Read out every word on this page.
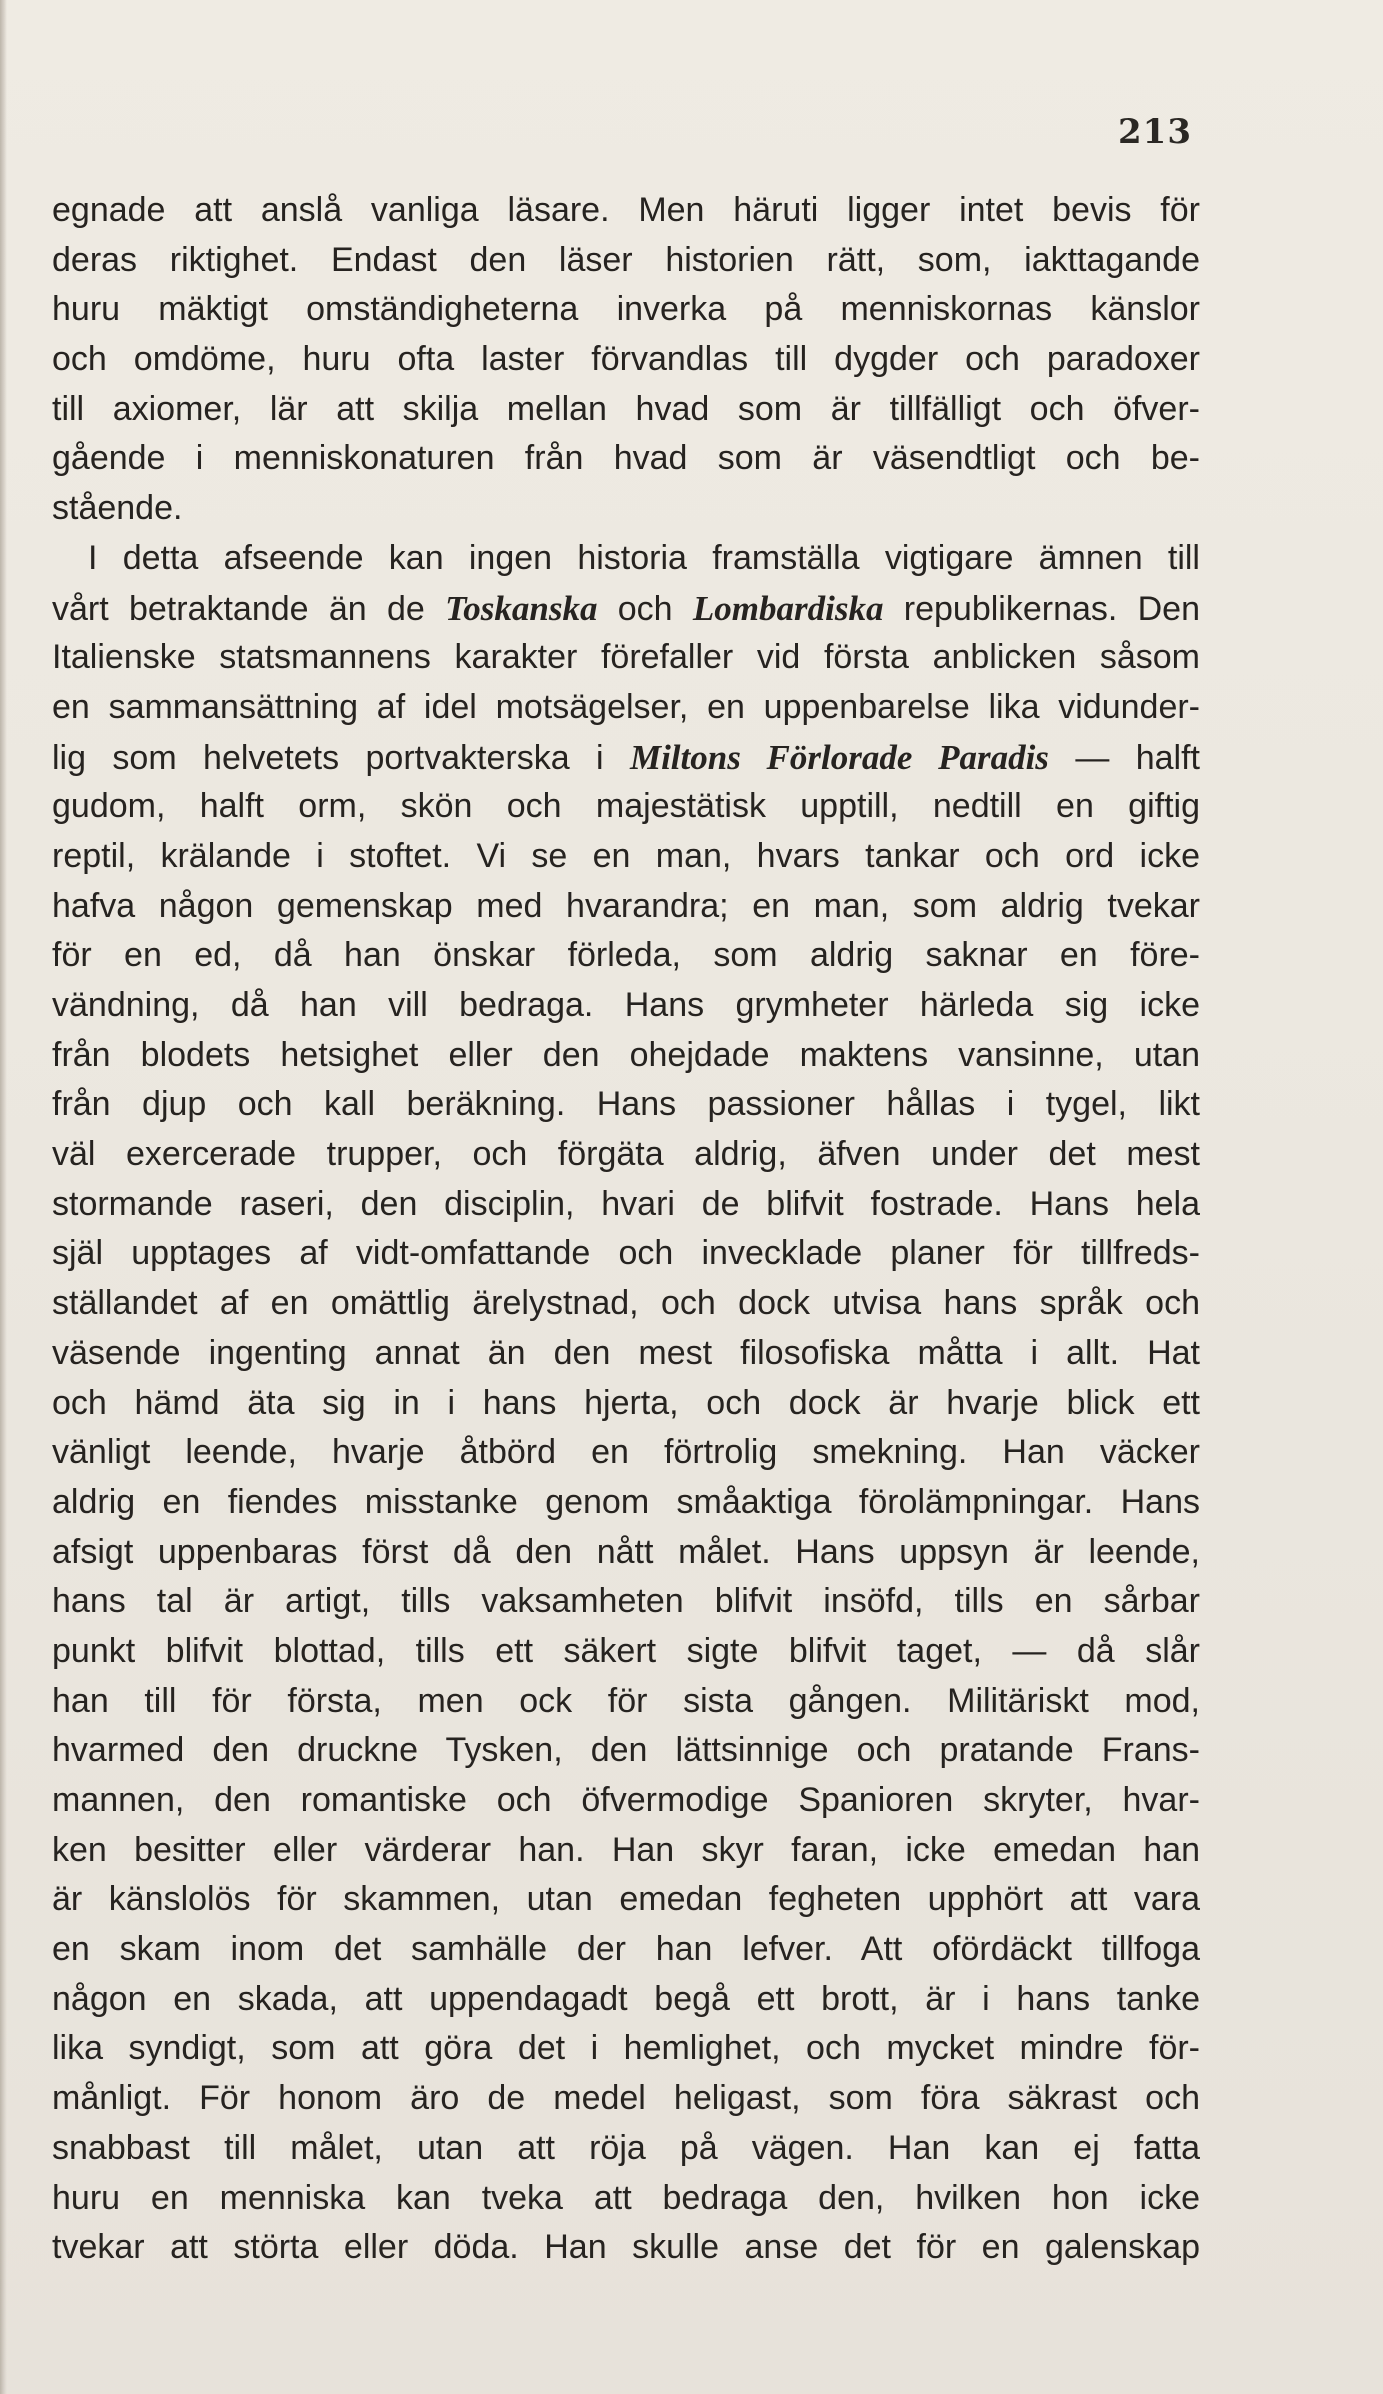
213
egnade att anslå vanliga läsare. Men häruti ligger intet bevis för
deras riktighet. Endast den läser historien rätt, som, iakttagande
huru mäktigt omständigheterna inverka på menniskornas känslor
och omdöme, huru ofta laster förvandlas till dygder och paradoxer
till axiomer, lär att skilja mellan hvad som är tillfälligt och öfver-
gående i menniskonaturen från hvad som är väsendtligt och be-
stående.
I detta afseende kan ingen historia framställa vigtigare ämnen till
vårt betraktande än de Toskanska och Lombardiska republikernas. Den
Italienske statsmannens karakter förefaller vid första anblicken såsom
en sammansättning af idel motsägelser, en uppenbarelse lika vidunder-
lig som helvetets portvakterska i Miltons Förlorade Paradis — halft
gudom, halft orm, skön och majestätisk upptill, nedtill en giftig
reptil, krälande i stoftet. Vi se en man, hvars tankar och ord icke
hafva någon gemenskap med hvarandra; en man, som aldrig tvekar
för en ed, då han önskar förleda, som aldrig saknar en före-
vändning, då han vill bedraga. Hans grymheter härleda sig icke
från blodets hetsighet eller den ohejdade maktens vansinne, utan
från djup och kall beräkning. Hans passioner hållas i tygel, likt
väl exercerade trupper, och förgäta aldrig, äfven under det mest
stormande raseri, den disciplin, hvari de blifvit fostrade. Hans hela
själ upptages af vidt-omfattande och invecklade planer för tillfreds-
ställandet af en omättlig ärelystnad, och dock utvisa hans språk och
väsende ingenting annat än den mest filosofiska måtta i allt. Hat
och hämd äta sig in i hans hjerta, och dock är hvarje blick ett
vänligt leende, hvarje åtbörd en förtrolig smekning. Han väcker
aldrig en fiendes misstanke genom småaktiga förolämpningar. Hans
afsigt uppenbaras först då den nått målet. Hans uppsyn är leende,
hans tal är artigt, tills vaksamheten blifvit insöfd, tills en sårbar
punkt blifvit blottad, tills ett säkert sigte blifvit taget, — då slår
han till för första, men ock för sista gången. Militäriskt mod,
hvarmed den druckne Tysken, den lättsinnige och pratande Frans-
mannen, den romantiske och öfvermodige Spanioren skryter, hvar-
ken besitter eller värderar han. Han skyr faran, icke emedan han
är känslolös för skammen, utan emedan fegheten upphört att vara
en skam inom det samhälle der han lefver. Att ofördäckt tillfoga
någon en skada, att uppendagadt begå ett brott, är i hans tanke
lika syndigt, som att göra det i hemlighet, och mycket mindre för-
månligt. För honom äro de medel heligast, som föra säkrast och
snabbast till målet, utan att röja på vägen. Han kan ej fatta
huru en menniska kan tveka att bedraga den, hvilken hon icke
tvekar att störta eller döda. Han skulle anse det för en galenskap
